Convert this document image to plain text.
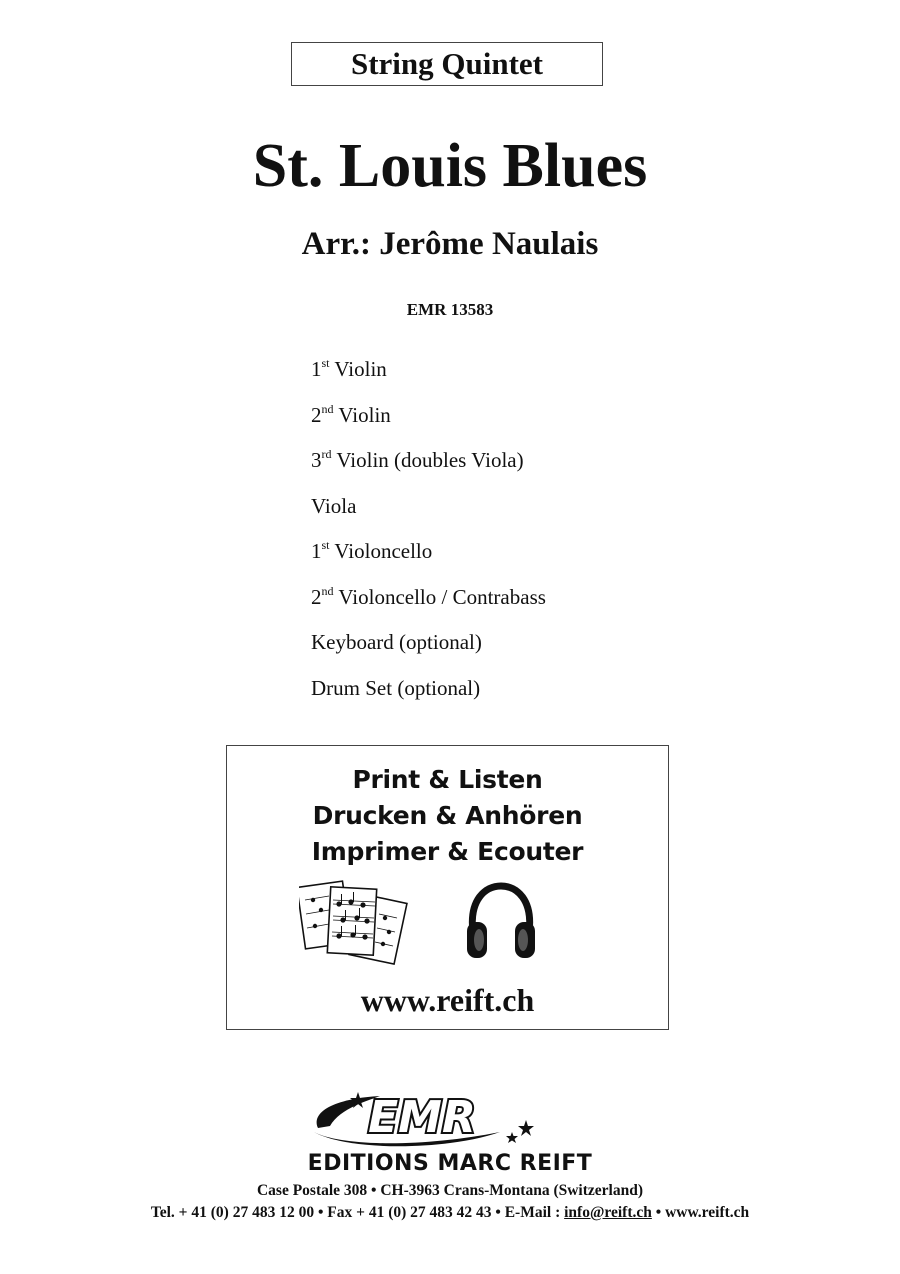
String Quintet
St. Louis Blues
Arr.: Jerôme Naulais
EMR 13583
1st Violin
2nd Violin
3rd Violin (doubles Viola)
Viola
1st Violoncello
2nd Violoncello / Contrabass
Keyboard (optional)
Drum Set (optional)
Print & Listen
Drucken & Anhören
Imprimer & Ecouter
www.reift.ch
EMR
EDITIONS MARC REIFT
Case Postale 308 • CH-3963 Crans-Montana (Switzerland)
Tel. + 41 (0) 27 483 12 00 • Fax + 41 (0) 27 483 42 43 • E-Mail : info@reift.ch • www.reift.ch
